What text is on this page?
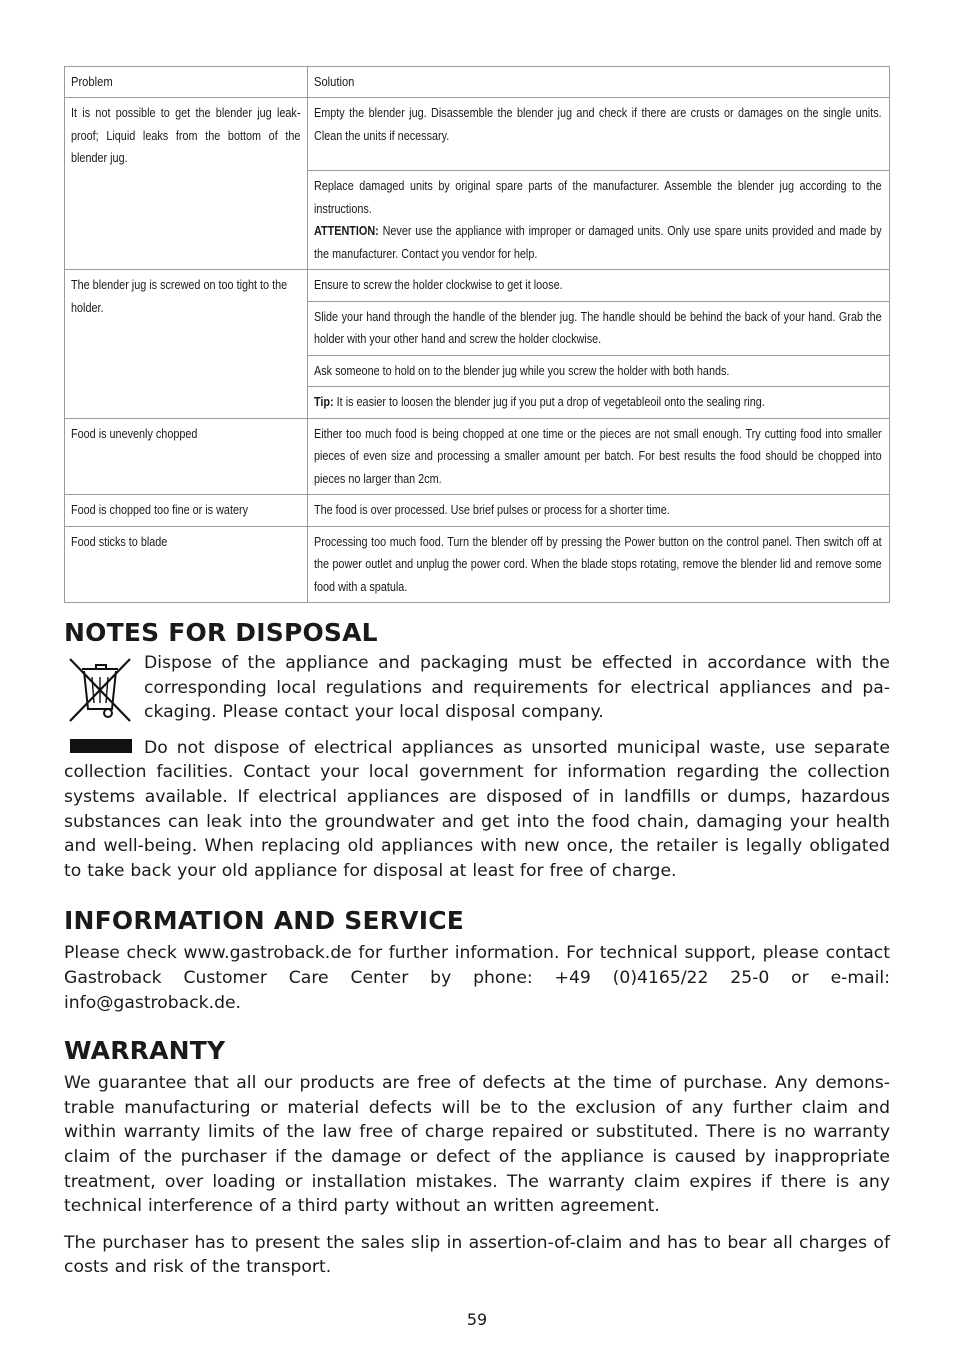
Problem	Solution

It is not possible to get the blender jug leak-proof; Liquid leaks from the bottom of the blender jug.	Empty the blender jug. Disassemble the blender jug and check if there are crusts or damages on the single units. Clean the units if necessary.

	Replace damaged units by original spare parts of the manufacturer. Assemble the blender jug according to the instructions.
ATTENTION: Never use the appliance with improper or damaged units. Only use spare units provided and made by the manufacturer. Contact you vendor for help.

The blender jug is screwed on too tight to the holder.	Ensure to screw the holder clockwise to get it loose.

	Slide your hand through the handle of the blender jug. The handle should be behind the back of your hand. Grab the holder with your other hand and screw the holder clockwise.

	Ask someone to hold on to the blender jug while you screw the holder with both hands.

	Tip: It is easier to loosen the blender jug if you put a drop of vegetableoil onto the sealing ring.

Food is unevenly chopped	Either too much food is being chopped at one time or the pieces are not small enough. Try cutting food into smaller pieces of even size and processing a smaller amount per batch. For best results the food should be chopped into pieces no larger than 2cm.

Food is chopped too fine or is watery	The food is over processed. Use brief pulses or process for a shorter time.

Food sticks to blade	Processing too much food. Turn the blender off by pressing the Power button on the control panel. Then switch off at the power outlet and unplug the power cord. When the blade stops rotating, remove the blender lid and remove some food with a spatula.
NOTES FOR DISPOSAL

Dispose of the appliance and packaging must be effected in accordance with the corresponding local regulations and requirements for electrical appliances and packaging. Please contact your local disposal company.

Do not dispose of electrical appliances as unsorted municipal waste, use separate collection facilities. Contact your local government for information regarding the collection systems available. If electrical appliances are disposed of in landfills or dumps, hazardous substances can leak into the groundwater and get into the food chain, damaging your health and well-being. When replacing old appliances with new once, the retailer is legally obligated to take back your old appliance for disposal at least for free of charge.

INFORMATION AND SERVICE

Please check www.gastroback.de for further information. For technical support, please contact Gastroback Customer Care Center by phone: +49 (0)4165/22 25-0 or e-mail: info@gastroback.de.

WARRANTY

We guarantee that all our products are free of defects at the time of purchase. Any demonstrable manufacturing or material defects will be to the exclusion of any further claim and within warranty limits of the law free of charge repaired or substituted. There is no warranty claim of the purchaser if the damage or defect of the appliance is caused by inappropriate treatment, over loading or installation mistakes. The warranty claim expires if there is any technical interference of a third party without an written agreement.

The purchaser has to present the sales slip in assertion-of-claim and has to bear all charges of costs and risk of the transport.

59
